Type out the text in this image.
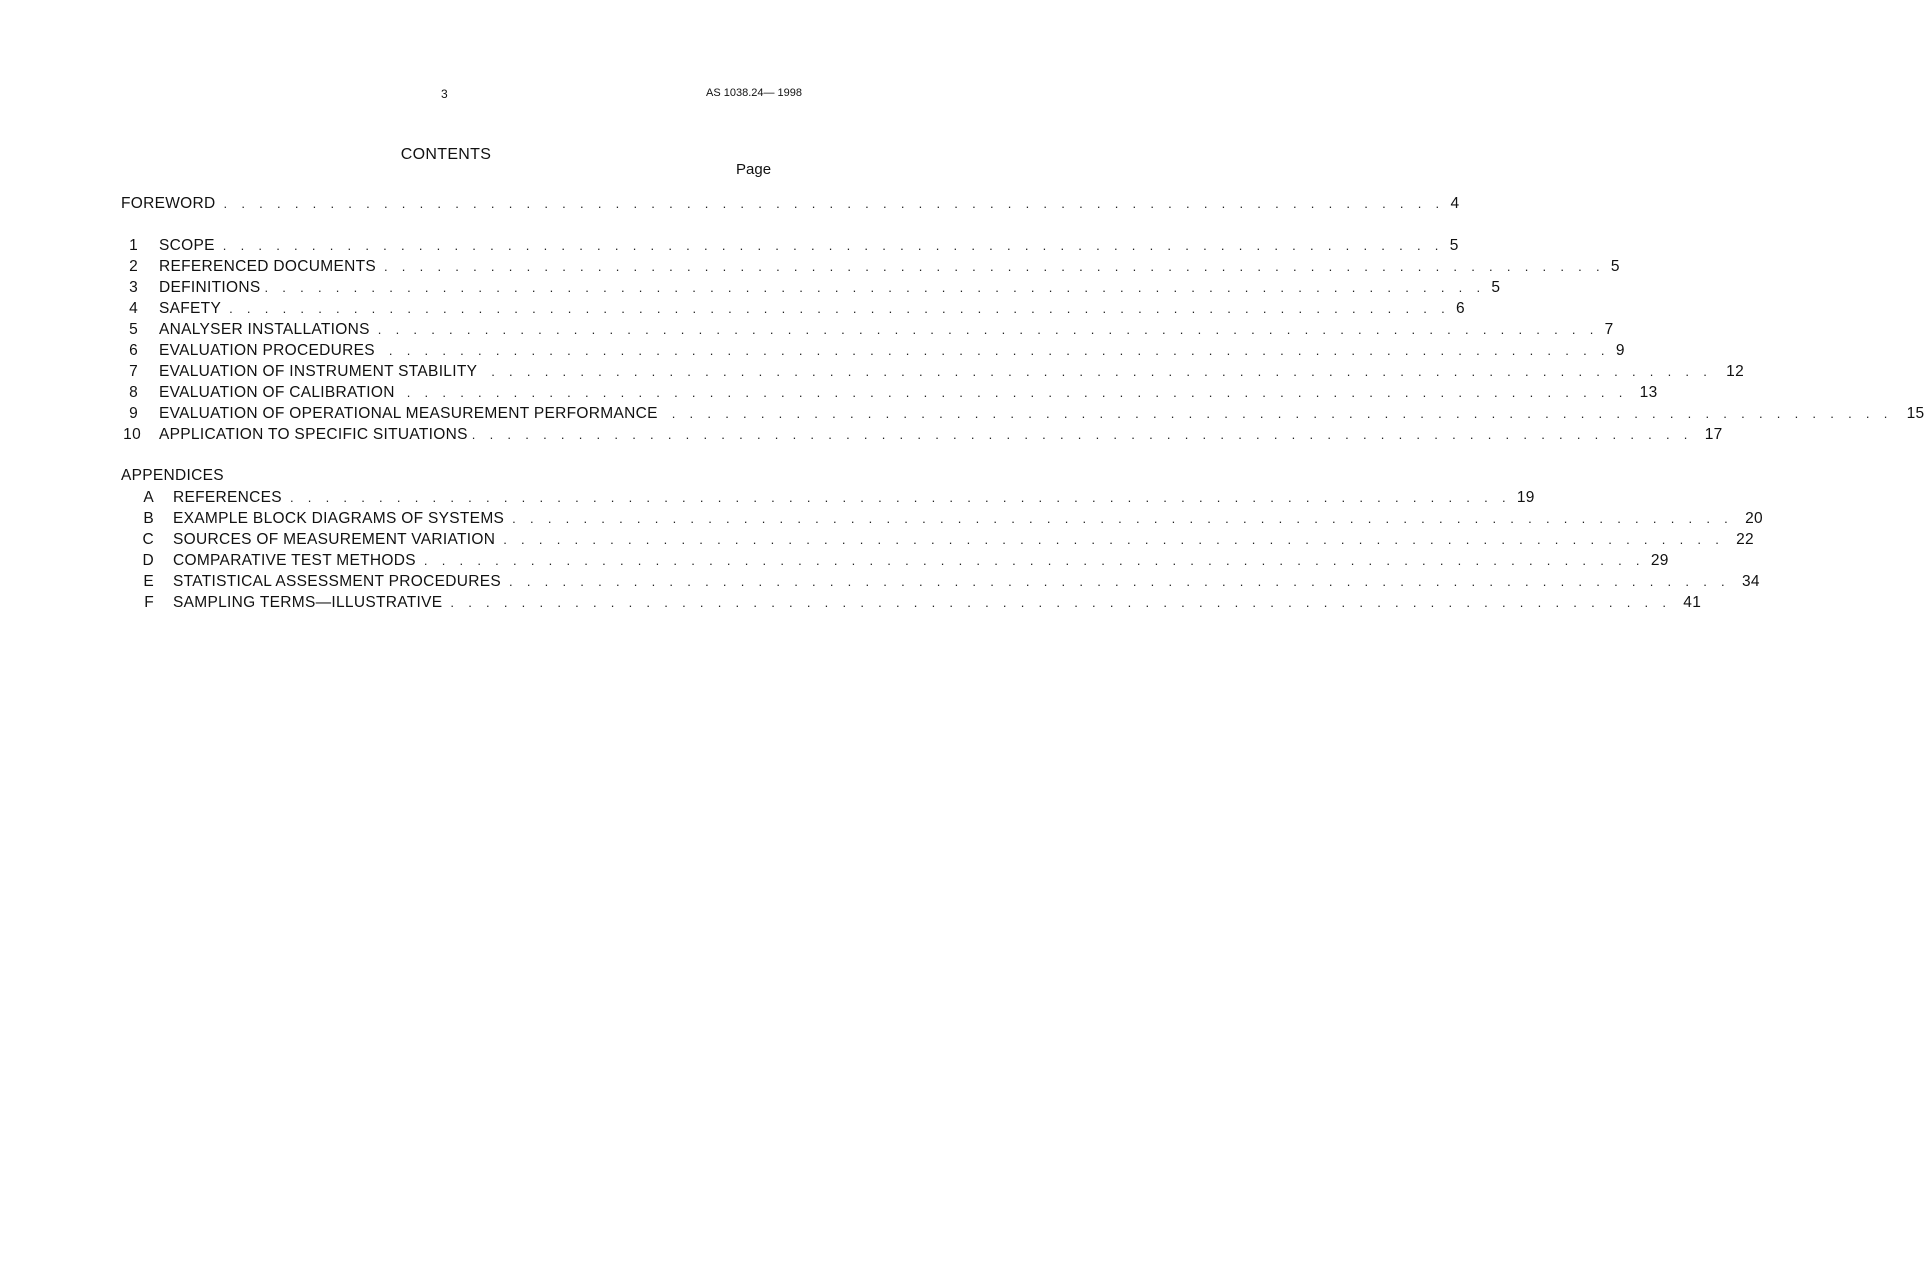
3	AS 1038.24— 1998
CONTENTS
Page
FOREWORD . . . . . . . . . . . . . . . . . . . . . . . . . . . . . . . . . . . . . . . . . . . . . . . . . . . . . . . . . . . . . . . . . . . . . 4
1 SCOPE . . . . . . . . . . . . . . . . . . . . . . . . . . . . . . . . . . . . . . . . . . . . . . . . . . . . . . . . . . . . . . . . . . . . . 5
2 REFERENCED DOCUMENTS . . . . . . . . . . . . . . . . . . . . . . . . . . . . . . . . . . . . . . . . . . . . . . . . . . . . . . . . . . . . . . . . . . . . . 5
3 DEFINITIONS . . . . . . . . . . . . . . . . . . . . . . . . . . . . . . . . . . . . . . . . . . . . . . . . . . . . . . . . . . . . . . . . . . . . . 5
4 SAFETY . . . . . . . . . . . . . . . . . . . . . . . . . . . . . . . . . . . . . . . . . . . . . . . . . . . . . . . . . . . . . . . . . . . . . 6
5 ANALYSER INSTALLATIONS . . . . . . . . . . . . . . . . . . . . . . . . . . . . . . . . . . . . . . . . . . . . . . . . . . . . . . . . . . . . . . . . . . . . . 7
6 EVALUATION PROCEDURES . . . . . . . . . . . . . . . . . . . . . . . . . . . . . . . . . . . . . . . . . . . . . . . . . . . . . . . . . . . . . . . . . . . . . 9
7 EVALUATION OF INSTRUMENT STABILITY . . . . . . . . . . . . . . . . . . . . . . . . . . . . . . . . . . . . . . . . . . . . . . . . . . . . . . . . . . . . . . . . . . . . . 12
8 EVALUATION OF CALIBRATION . . . . . . . . . . . . . . . . . . . . . . . . . . . . . . . . . . . . . . . . . . . . . . . . . . . . . . . . . . . . . . . . . . . . . 13
9 EVALUATION OF OPERATIONAL MEASUREMENT PERFORMANCE . . . . . . . . . . . . . . . . . . . . . . . . . . . . . . . . . . . . . . . . . . . . . . . . . . . . . . . . . . . . . . . . . . . . . 15
10 APPLICATION TO SPECIFIC SITUATIONS . . . . . . . . . . . . . . . . . . . . . . . . . . . . . . . . . . . . . . . . . . . . . . . . . . . . . . . . . . . . . . . . . . . . . 17
APPENDICES
A REFERENCES . . . . . . . . . . . . . . . . . . . . . . . . . . . . . . . . . . . . . . . . . . . . . . . . . . . . . . . . . . . . . . . . . . . . . 19
B EXAMPLE BLOCK DIAGRAMS OF SYSTEMS . . . . . . . . . . . . . . . . . . . . . . . . . . . . . . . . . . . . . . . . . . . . . . . . . . . . . . . . . . . . . . . . . . . . . 20
C SOURCES OF MEASUREMENT VARIATION . . . . . . . . . . . . . . . . . . . . . . . . . . . . . . . . . . . . . . . . . . . . . . . . . . . . . . . . . . . . . . . . . . . . . 22
D COMPARATIVE TEST METHODS . . . . . . . . . . . . . . . . . . . . . . . . . . . . . . . . . . . . . . . . . . . . . . . . . . . . . . . . . . . . . . . . . . . . . 29
E STATISTICAL ASSESSMENT PROCEDURES . . . . . . . . . . . . . . . . . . . . . . . . . . . . . . . . . . . . . . . . . . . . . . . . . . . . . . . . . . . . . . . . . . . . . 34
F SAMPLING TERMS—ILLUSTRATIVE . . . . . . . . . . . . . . . . . . . . . . . . . . . . . . . . . . . . . . . . . . . . . . . . . . . . . . . . . . . . . . . . . . . . . 41
